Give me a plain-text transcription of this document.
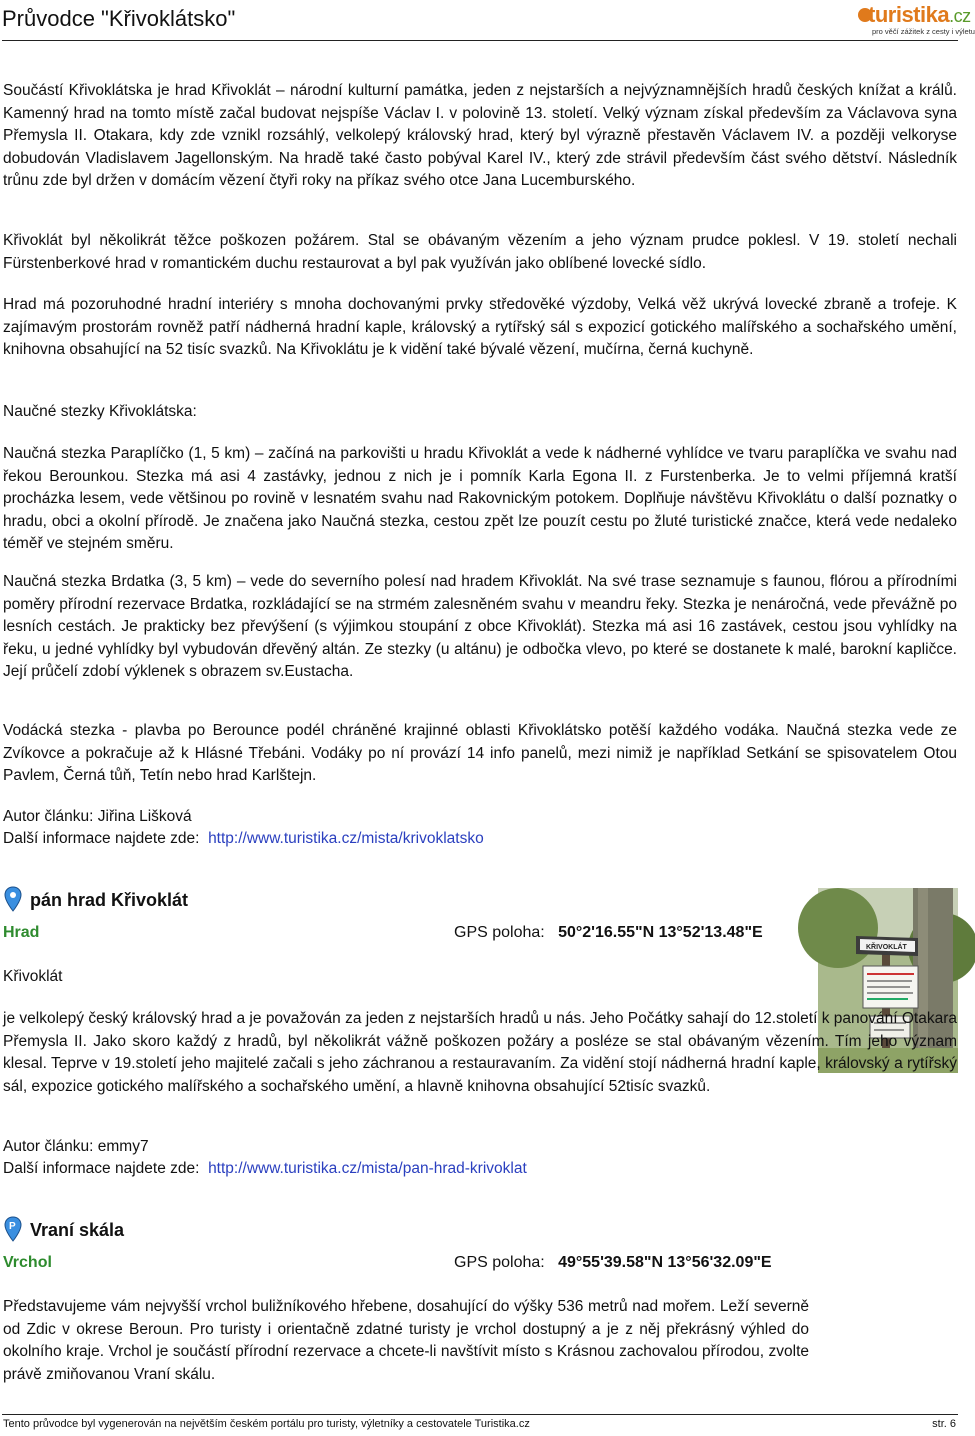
Průvodce "Křivoklátsko"	turistika.cz
pro věčí zážitek z cesty i výletu

Součástí Křivoklátska je hrad Křivoklát – národní kulturní památka, jeden z nejstarších a nejvýznamnějších hradů českých knížat a králů. Kamenný hrad na tomto místě začal budovat nejspíše Václav I. v polovině 13. století. Velký význam získal především za Václavova syna Přemysla II. Otakara, kdy zde vznikl rozsáhlý, velkolepý královský hrad, který byl výrazně přestavěn Václavem IV. a později velkoryse dobudován Vladislavem Jagellonským. Na hradě také často pobýval Karel IV., který zde strávil především část svého dětství. Následník trůnu zde byl držen v domácím vězení čtyři roky na příkaz svého otce Jana Lucemburského.

Křivoklát byl několikrát těžce poškozen požárem. Stal se obávaným vězením a jeho význam prudce poklesl. V 19. století nechali Fürstenberkové hrad v romantickém duchu restaurovat a byl pak využíván jako oblíbené lovecké sídlo.

Hrad má pozoruhodné hradní interiéry s mnoha dochovanými prvky středověké výzdoby, Velká věž ukrývá lovecké zbraně a trofeje. K zajímavým prostorám rovněž patří nádherná hradní kaple, královský a rytířský sál s expozicí gotického malířského a sochařského umění, knihovna obsahující na 52 tisíc svazků. Na Křivoklátu je k vidění také bývalé vězení, mučírna, černá kuchyně.

Naučné stezky Křivoklátska:

Naučná stezka Paraplíčko (1, 5 km) – začíná na parkovišti u hradu Křivoklát a vede k nádherné vyhlídce ve tvaru paraplíčka ve svahu nad řekou Berounkou. Stezka má asi 4 zastávky, jednou z nich je i pomník Karla Egona II. z Furstenberka. Je to velmi příjemná kratší procházka lesem, vede většinou po rovině v lesnatém svahu nad Rakovnickým potokem. Doplňuje návštěvu Křivoklátu o další poznatky o hradu, obci a okolní přírodě. Je značena jako Naučná stezka, cestou zpět lze pouzít cestu po žluté turistické značce, která vede nedaleko téměř ve stejném směru.

Naučná stezka Brdatka (3, 5 km) – vede do severního polesí nad hradem Křivoklát. Na své trase seznamuje s faunou, flórou a přírodními poměry přírodní rezervace Brdatka, rozkládající se na strmém zalesněném svahu v meandru řeky. Stezka je nenáročná, vede převážně po lesních cestách. Je prakticky bez převýšení (s výjimkou stoupání z obce Křivoklát). Stezka má asi 16 zastávek, cestou jsou vyhlídky na řeku, u jedné vyhlídky byl vybudován dřevěný altán. Ze stezky (u altánu) je odbočka vlevo, po které se dostanete k malé, barokní kapličce. Její průčelí zdobí výklenek s obrazem sv.Eustacha.

Vodácká stezka - plavba po Berounce podél chráněné krajinné oblasti Křivoklátsko potěší každého vodáka. Naučná stezka vede ze Zvíkovce a pokračuje až k Hlásné Třebáni. Vodáky po ní provází 14 info panelů, mezi nimiž je například Setkání se spisovatelem Otou Pavlem, Černá tůň, Tetín nebo hrad Karlštejn.

Autor článku: Jiřina Lišková

Další informace najdete zde: http://www.turistika.cz/mista/krivoklatsko

pán hrad Křivoklát
Hrad	GPS poloha: 50°2'16.55"N 13°52'13.48"E
KŘIVOKLÁT
Křivoklát

je velkolepý český královský hrad a je považován za jeden z nejstarších hradů u nás. Jeho Počátky sahají do 12.století k panování Otakara Přemysla II. Jako skoro každý z hradů, byl několikrát vážně poškozen požáry a posléze se stal obávaným vězením. Tím jeho význam klesal. Teprve v 19.století jeho majitelé začali s jeho záchranou a restauravaním. Za vidění stojí nádherná hradní kaple, královský a rytířský sál, expozice gotického malířského a sochařského umění, a hlavně knihovna obsahující 52tisíc svazků.

Autor článku: emmy7

Další informace najdete zde: http://www.turistika.cz/mista/pan-hrad-krivoklat

P Vraní skála
Vrchol	GPS poloha: 49°55'39.58"N 13°56'32.09"E

Představujeme vám nejvyšší vrchol buližníkového hřebene, dosahující do výšky 536 metrů nad mořem. Leží severně od Zdic v okrese Beroun. Pro turisty i orientačně zdatné turisty je vrchol dostupný a je z něj překrásný výhled do okolního kraje. Vrchol je součástí přírodní rezervace a chcete-li navštívit místo s Krásnou zachovalou přírodou, zvolte právě zmiňovanou Vraní skálu.

Tento průvodce byl vygenerován na největším českém portálu pro turisty, výletníky a cestovatele Turistika.cz	str. 6
